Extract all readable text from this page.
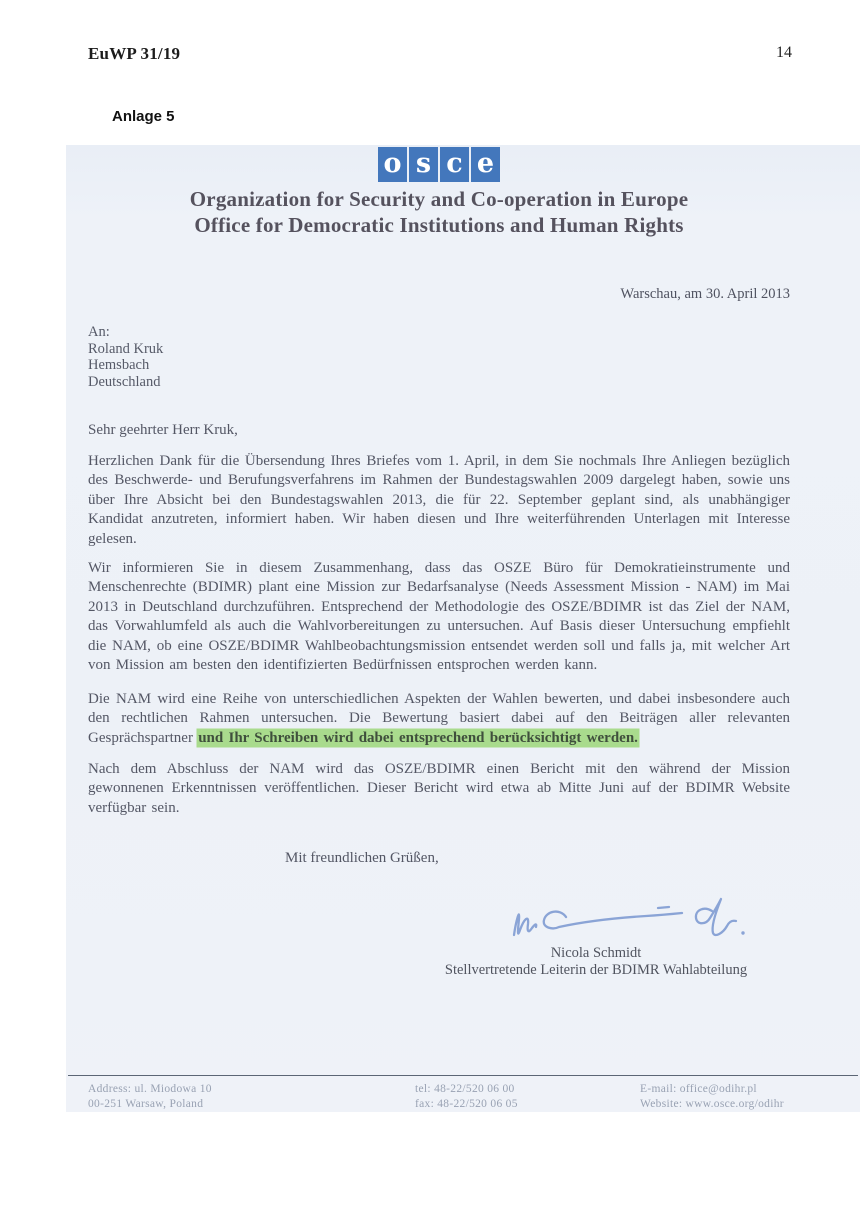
EuWP 31/19	14
Anlage 5
o s c e
Organization for Security and Co-operation in Europe
Office for Democratic Institutions and Human Rights
Warschau, am 30. April 2013
An:
Roland Kruk
Hemsbach
Deutschland
Sehr geehrter Herr Kruk,
Herzlichen Dank für die Übersendung Ihres Briefes vom 1. April, in dem Sie nochmals Ihre Anliegen bezüglich des Beschwerde- und Berufungsverfahrens im Rahmen der Bundestagswahlen 2009 dargelegt haben, sowie uns über Ihre Absicht bei den Bundestagswahlen 2013, die für 22. September geplant sind, als unabhängiger Kandidat anzutreten, informiert haben. Wir haben diesen und Ihre weiterführenden Unterlagen mit Interesse gelesen.
Wir informieren Sie in diesem Zusammenhang, dass das OSZE Büro für Demokratieinstrumente und Menschenrechte (BDIMR) plant eine Mission zur Bedarfsanalyse (Needs Assessment Mission - NAM) im Mai 2013 in Deutschland durchzuführen. Entsprechend der Methodologie des OSZE/BDIMR ist das Ziel der NAM, das Vorwahlumfeld als auch die Wahlvorbereitungen zu untersuchen. Auf Basis dieser Untersuchung empfiehlt die NAM, ob eine OSZE/BDIMR Wahlbeobachtungsmission entsendet werden soll und falls ja, mit welcher Art von Mission am besten den identifizierten Bedürfnissen entsprochen werden kann.
Die NAM wird eine Reihe von unterschiedlichen Aspekten der Wahlen bewerten, und dabei insbesondere auch den rechtlichen Rahmen untersuchen. Die Bewertung basiert dabei auf den Beiträgen aller relevanten Gesprächspartner und Ihr Schreiben wird dabei entsprechend berücksichtigt werden.
Nach dem Abschluss der NAM wird das OSZE/BDIMR einen Bericht mit den während der Mission gewonnenen Erkenntnissen veröffentlichen. Dieser Bericht wird etwa ab Mitte Juni auf der BDIMR Website verfügbar sein.
Mit freundlichen Grüßen,
Nicola Schmidt
Stellvertretende Leiterin der BDIMR Wahlabteilung
Address: ul. Miodowa 10
00-251 Warsaw, Poland
tel: 48-22/520 06 00
fax: 48-22/520 06 05
E-mail: office@odihr.pl
Website: www.osce.org/odihr
